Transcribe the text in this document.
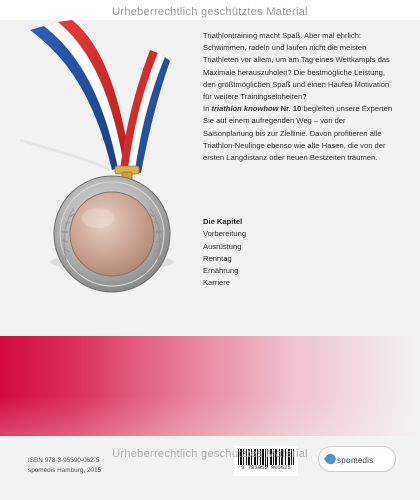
Urheberrechtlich geschütztes Material

Triathlontraining macht Spaß. Aber mal ehrlich: Schwimmen, radeln und laufen nicht die meisten Triathleten vor allem, um am Tag eines Wettkampfs das Maximale herauszuholen? Die bestmögliche Leistung, den größtmöglichen Spaß und einen Haufen Motivation für weitere Trainingseinheiten?

In triathlon knowhow Nr. 10 begleiten unsere Experten Sie auf einem aufregenden Weg – von der Saisonplanung bis zur Ziellinie. Davon profitieren alle Triathlon-Neulinge ebenso wie alte Hasen, die von der ersten Langdistanz oder neuen Bestzeiten träumen.

Die Kapitel
Vorbereitung
Ausrüstung
Renntag
Ernährung
Karriere
ISBN 978-3-95590-062-5
spomedis Hamburg, 2015	9 783955 900625
spomedis
Urheberrechtlich geschütztes Material
